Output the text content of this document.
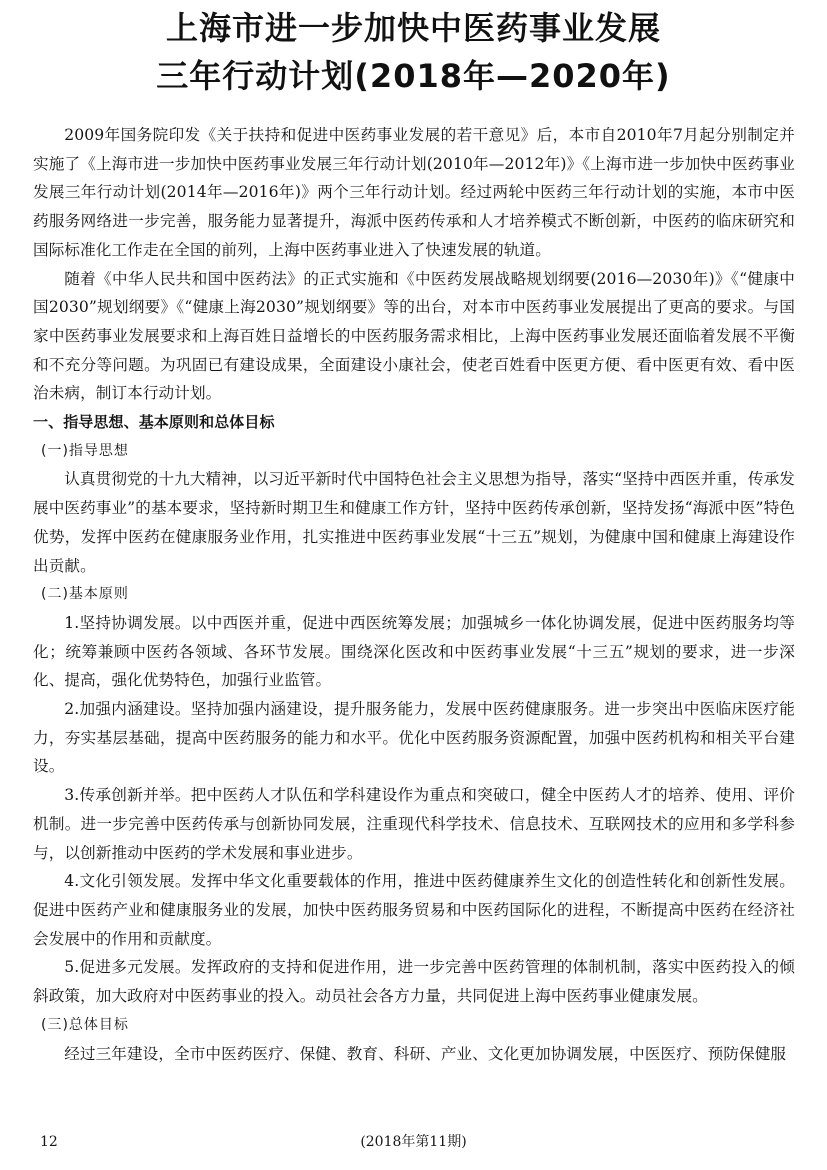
上海市进一步加快中医药事业发展
三年行动计划(2018年—2020年)

2009年国务院印发《关于扶持和促进中医药事业发展的若干意见》后，本市自2010年7月起分别制定并实施了《上海市进一步加快中医药事业发展三年行动计划(2010年—2012年)》《上海市进一步加快中医药事业发展三年行动计划(2014年—2016年)》两个三年行动计划。经过两轮中医药三年行动计划的实施，本市中医药服务网络进一步完善，服务能力显著提升，海派中医药传承和人才培养模式不断创新，中医药的临床研究和国际标准化工作走在全国的前列，上海中医药事业进入了快速发展的轨道。

随着《中华人民共和国中医药法》的正式实施和《中医药发展战略规划纲要(2016—2030年)》《“健康中国2030”规划纲要》《“健康上海2030”规划纲要》等的出台，对本市中医药事业发展提出了更高的要求。与国家中医药事业发展要求和上海百姓日益增长的中医药服务需求相比，上海中医药事业发展还面临着发展不平衡和不充分等问题。为巩固已有建设成果，全面建设小康社会，使老百姓看中医更方便、看中医更有效、看中医治未病，制订本行动计划。

一、指导思想、基本原则和总体目标

(一)指导思想

认真贯彻党的十九大精神，以习近平新时代中国特色社会主义思想为指导，落实“坚持中西医并重，传承发展中医药事业”的基本要求，坚持新时期卫生和健康工作方针，坚持中医药传承创新，坚持发扬“海派中医”特色优势，发挥中医药在健康服务业作用，扎实推进中医药事业发展“十三五”规划，为健康中国和健康上海建设作出贡献。

(二)基本原则

1.坚持协调发展。以中西医并重，促进中西医统筹发展；加强城乡一体化协调发展，促进中医药服务均等化；统筹兼顾中医药各领域、各环节发展。围绕深化医改和中医药事业发展“十三五”规划的要求，进一步深化、提高，强化优势特色，加强行业监管。

2.加强内涵建设。坚持加强内涵建设，提升服务能力，发展中医药健康服务。进一步突出中医临床医疗能力，夯实基层基础，提高中医药服务的能力和水平。优化中医药服务资源配置，加强中医药机构和相关平台建设。

3.传承创新并举。把中医药人才队伍和学科建设作为重点和突破口，健全中医药人才的培养、使用、评价机制。进一步完善中医药传承与创新协同发展，注重现代科学技术、信息技术、互联网技术的应用和多学科参与，以创新推动中医药的学术发展和事业进步。

4.文化引领发展。发挥中华文化重要载体的作用，推进中医药健康养生文化的创造性转化和创新性发展。促进中医药产业和健康服务业的发展，加快中医药服务贸易和中医药国际化的进程，不断提高中医药在经济社会发展中的作用和贡献度。

5.促进多元发展。发挥政府的支持和促进作用，进一步完善中医药管理的体制机制，落实中医药投入的倾斜政策，加大政府对中医药事业的投入。动员社会各方力量，共同促进上海中医药事业健康发展。

(三)总体目标

经过三年建设，全市中医药医疗、保健、教育、科研、产业、文化更加协调发展，中医医疗、预防保健服

12	(2018年第11期)
